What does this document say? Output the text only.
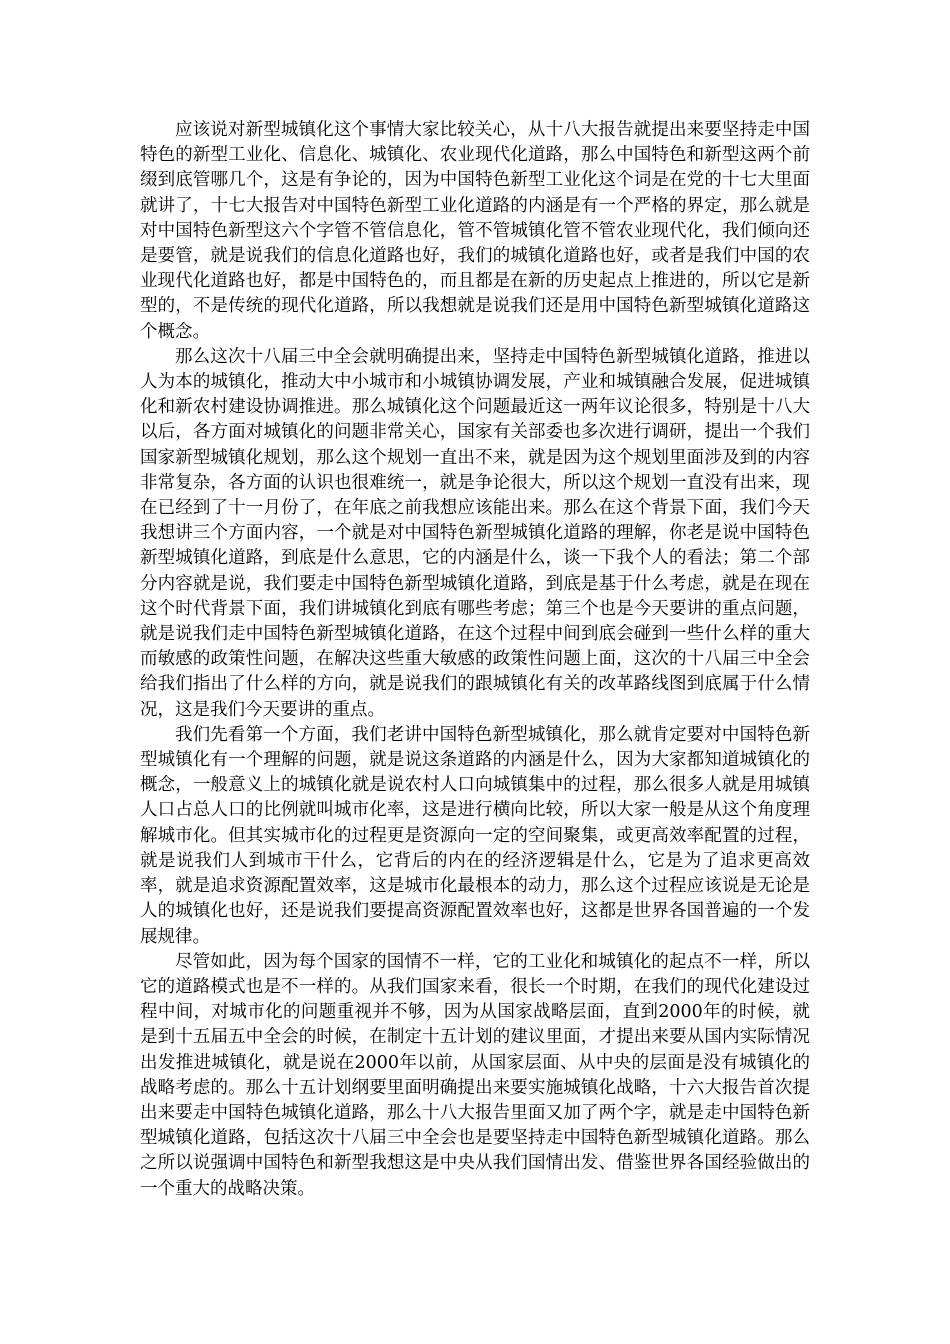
应该说对新型城镇化这个事情大家比较关心，从十八大报告就提出来要坚持走中国特色的新型工业化、信息化、城镇化、农业现代化道路，那么中国特色和新型这两个前缀到底管哪几个，这是有争论的，因为中国特色新型工业化这个词是在党的十七大里面就讲了，十七大报告对中国特色新型工业化道路的内涵是有一个严格的界定，那么就是对中国特色新型这六个字管不管信息化，管不管城镇化管不管农业现代化，我们倾向还是要管，就是说我们的信息化道路也好，我们的城镇化道路也好，或者是我们中国的农业现代化道路也好，都是中国特色的，而且都是在新的历史起点上推进的，所以它是新型的，不是传统的现代化道路，所以我想就是说我们还是用中国特色新型城镇化道路这个概念。

那么这次十八届三中全会就明确提出来，坚持走中国特色新型城镇化道路，推进以人为本的城镇化，推动大中小城市和小城镇协调发展，产业和城镇融合发展，促进城镇化和新农村建设协调推进。那么城镇化这个问题最近这一两年议论很多，特别是十八大以后，各方面对城镇化的问题非常关心，国家有关部委也多次进行调研，提出一个我们国家新型城镇化规划，那么这个规划一直出不来，就是因为这个规划里面涉及到的内容非常复杂，各方面的认识也很难统一，就是争论很大，所以这个规划一直没有出来，现在已经到了十一月份了，在年底之前我想应该能出来。那么在这个背景下面，我们今天我想讲三个方面内容，一个就是对中国特色新型城镇化道路的理解，你老是说中国特色新型城镇化道路，到底是什么意思，它的内涵是什么，谈一下我个人的看法；第二个部分内容就是说，我们要走中国特色新型城镇化道路，到底是基于什么考虑，就是在现在这个时代背景下面，我们讲城镇化到底有哪些考虑；第三个也是今天要讲的重点问题，就是说我们走中国特色新型城镇化道路，在这个过程中间到底会碰到一些什么样的重大而敏感的政策性问题，在解决这些重大敏感的政策性问题上面，这次的十八届三中全会给我们指出了什么样的方向，就是说我们的跟城镇化有关的改革路线图到底属于什么情况，这是我们今天要讲的重点。

我们先看第一个方面，我们老讲中国特色新型城镇化，那么就肯定要对中国特色新型城镇化有一个理解的问题，就是说这条道路的内涵是什么，因为大家都知道城镇化的概念，一般意义上的城镇化就是说农村人口向城镇集中的过程，那么很多人就是用城镇人口占总人口的比例就叫城市化率，这是进行横向比较，所以大家一般是从这个角度理解城市化。但其实城市化的过程更是资源向一定的空间聚集，或更高效率配置的过程，就是说我们人到城市干什么，它背后的内在的经济逻辑是什么，它是为了追求更高效率，就是追求资源配置效率，这是城市化最根本的动力，那么这个过程应该说是无论是人的城镇化也好，还是说我们要提高资源配置效率也好，这都是世界各国普遍的一个发展规律。

尽管如此，因为每个国家的国情不一样，它的工业化和城镇化的起点不一样，所以它的道路模式也是不一样的。从我们国家来看，很长一个时期，在我们的现代化建设过程中间，对城市化的问题重视并不够，因为从国家战略层面，直到2000年的时候，就是到十五届五中全会的时候，在制定十五计划的建议里面，才提出来要从国内实际情况出发推进城镇化，就是说在2000年以前，从国家层面、从中央的层面是没有城镇化的战略考虑的。那么十五计划纲要里面明确提出来要实施城镇化战略，十六大报告首次提出来要走中国特色城镇化道路，那么十八大报告里面又加了两个字，就是走中国特色新型城镇化道路，包括这次十八届三中全会也是要坚持走中国特色新型城镇化道路。那么之所以说强调中国特色和新型我想这是中央从我们国情出发、借鉴世界各国经验做出的一个重大的战略决策。
